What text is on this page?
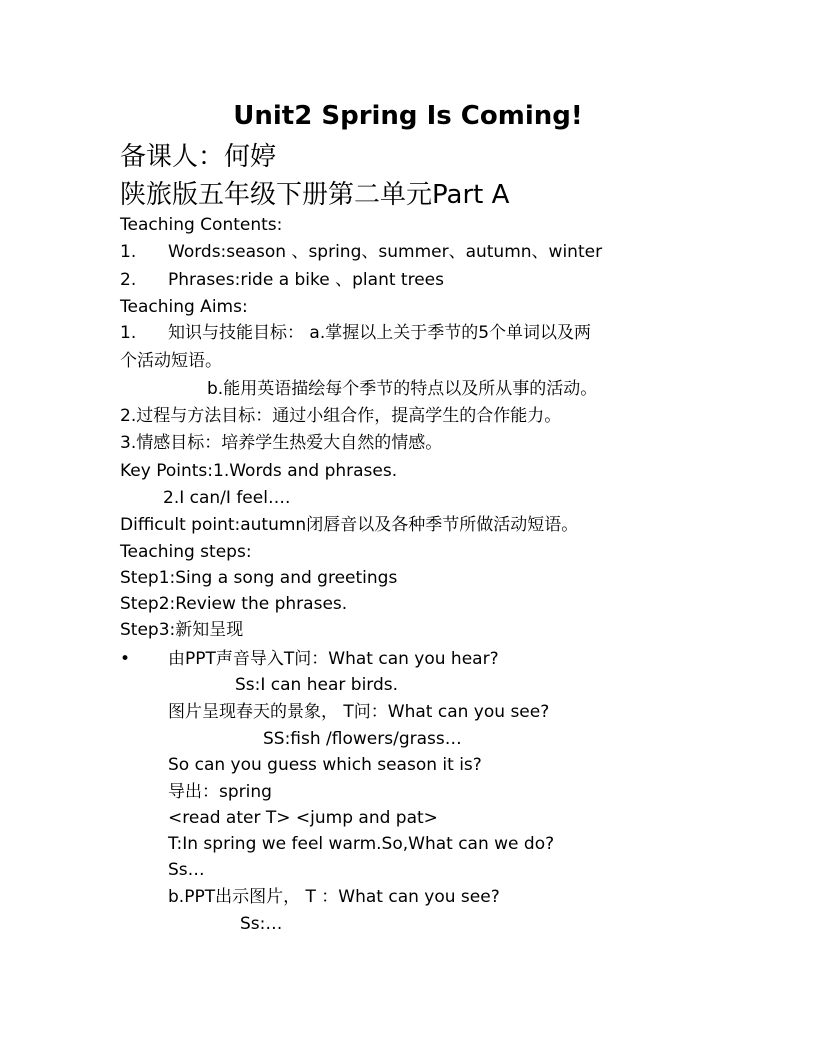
Unit2 Spring Is Coming!
备课人：何婷
陕旅版五年级下册第二单元Part A
Teaching Contents:
1. Words:season 、spring、summer、autumn、winter
2. Phrases:ride a bike 、plant trees
Teaching Aims:
1. 知识与技能目标： a.掌握以上关于季节的5个单词以及两
个活动短语。
b.能用英语描绘每个季节的特点以及所从事的活动。
2.过程与方法目标：通过小组合作，提高学生的合作能力。
3.情感目标：培养学生热爱大自然的情感。
Key Points:1.Words and phrases.
2.I can/I feel….
Difficult point:autumn闭唇音以及各种季节所做活动短语。
Teaching steps:
Step1:Sing a song and greetings
Step2:Review the phrases.
Step3:新知呈现
• 由PPT声音导入T问：What can you hear?
Ss:I can hear birds.
图片呈现春天的景象， T问：What can you see?
SS:fish /flowers/grass…
So can you guess which season it is?
导出：spring
<read ater T> <jump and pat>
T:In spring we feel warm.So,What can we do?
Ss…
b.PPT出示图片， T ：What can you see?
Ss:…
